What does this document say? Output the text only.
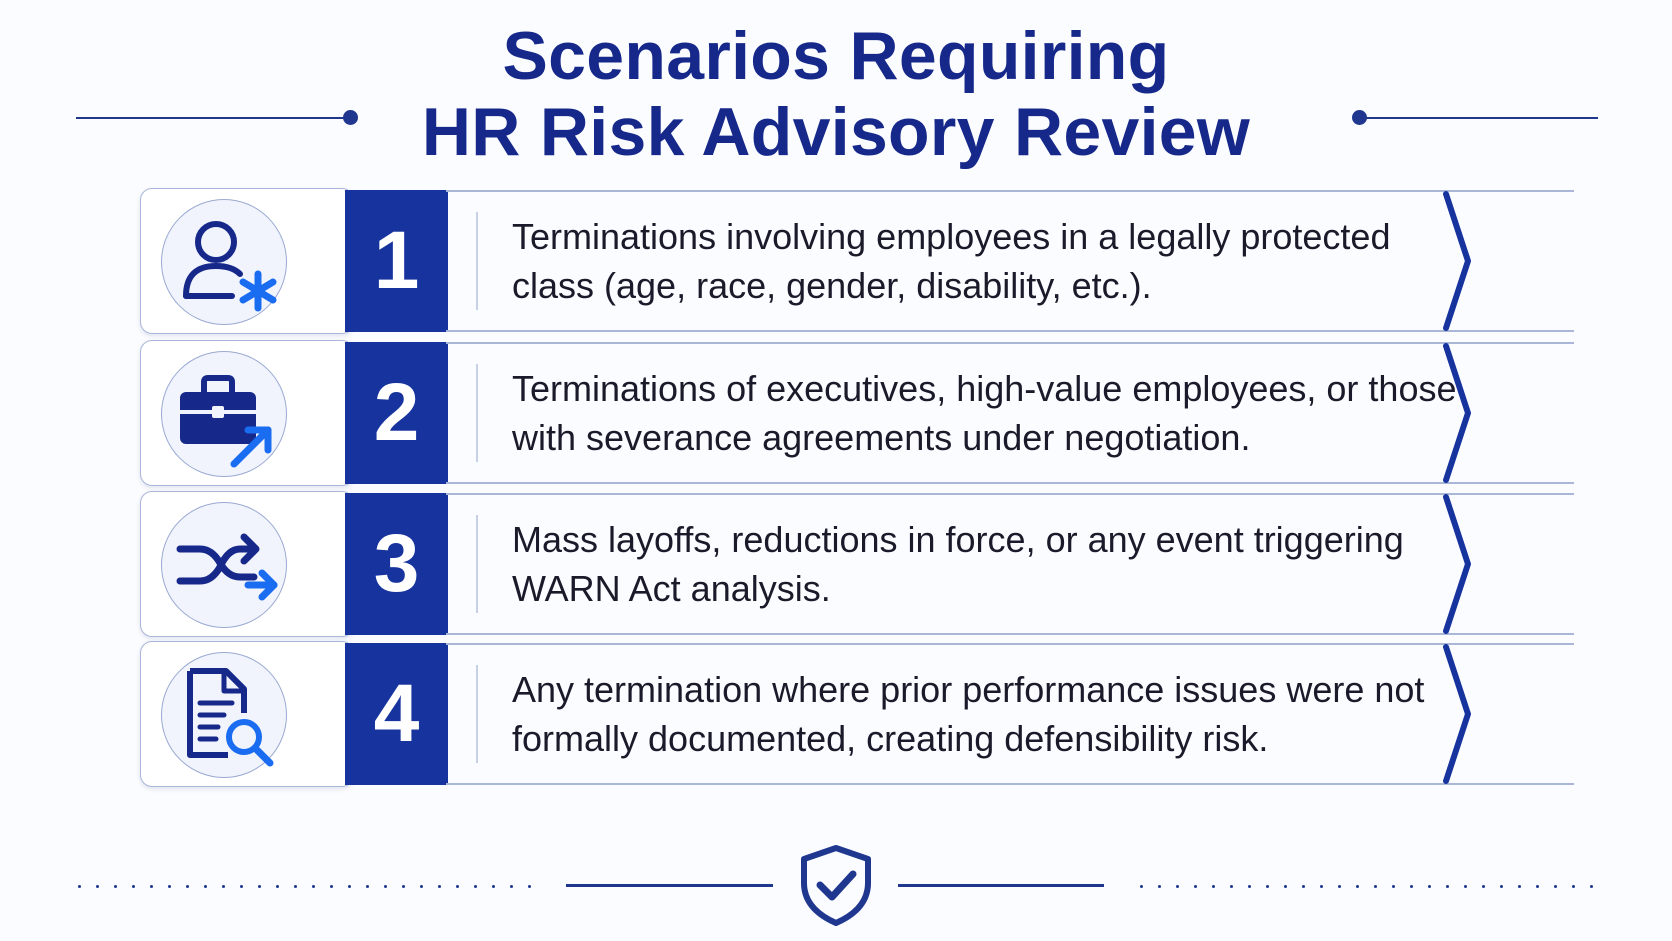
Scenarios Requiring
HR Risk Advisory Review
1	Terminations involving employees in a legally protected class (age, race, gender, disability, etc.).
2	Terminations of executives, high-value employees, or those with severance agreements under negotiation.
3	Mass layoffs, reductions in force, or any event triggering WARN Act analysis.
4	Any termination where prior performance issues were not formally documented, creating defensibility risk.
